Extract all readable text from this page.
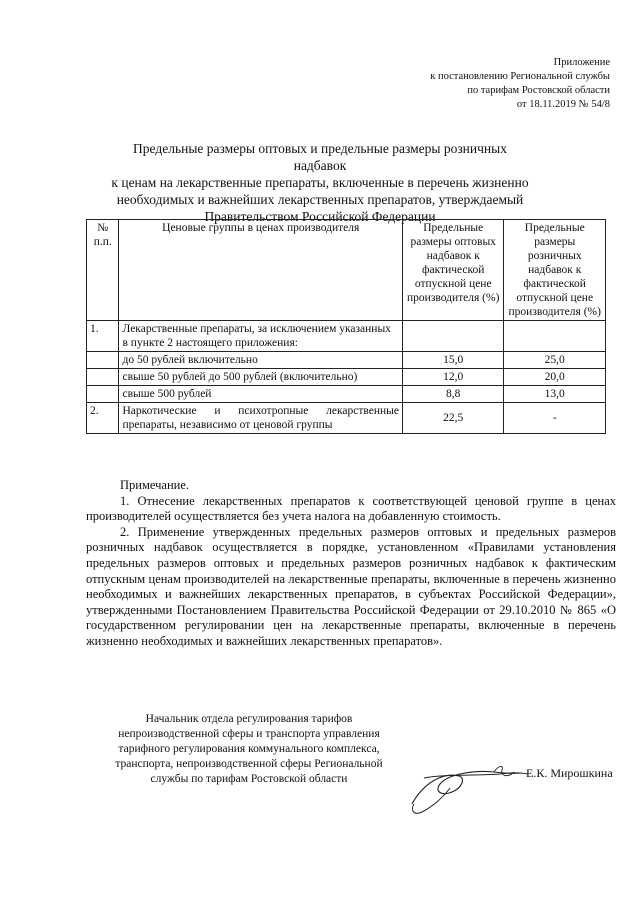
Приложение
к постановлению Региональной службы
по тарифам Ростовской области
от 18.11.2019 № 54/8
Предельные размеры оптовых и предельные размеры розничных надбавок
к ценам на лекарственные препараты, включенные в перечень жизненно
необходимых и важнейших лекарственных препаратов, утверждаемый
Правительством Российской Федерации
№ п.п.	Ценовые группы в ценах производителя	Предельные размеры оптовых надбавок к фактической отпускной цене производителя (%)	Предельные размеры розничных надбавок к фактической отпускной цене производителя (%)
1.	Лекарственные препараты, за исключением указанных в пункте 2 настоящего приложения:		
	до 50 рублей включительно	15,0	25,0
	свыше 50 рублей до 500 рублей (включительно)	12,0	20,0
	свыше 500 рублей	8,8	13,0
2.	Наркотические и психотропные лекарственные препараты, независимо от ценовой группы	22,5	-

Примечание.

1. Отнесение лекарственных препаратов к соответствующей ценовой группе в ценах производителей осуществляется без учета налога на добавленную стоимость.

2. Применение утвержденных предельных размеров оптовых и предельных размеров розничных надбавок осуществляется в порядке, установленном «Правилами установления предельных размеров оптовых и предельных размеров розничных надбавок к фактическим отпускным ценам производителей на лекарственные препараты, включенные в перечень жизненно необходимых и важнейших лекарственных препаратов, в субъектах Российской Федерации», утвержденными Постановлением Правительства Российской Федерации от 29.10.2010 № 865 «О государственном регулировании цен на лекарственные препараты, включенные в перечень жизненно необходимых и важнейших лекарственных препаратов».

Начальник отдела регулирования тарифов
непроизводственной сферы и транспорта управления
тарифного регулирования коммунального комплекса,
транспорта, непроизводственной сферы Региональной
службы по тарифам Ростовской области	Е.К. Мирошкина
